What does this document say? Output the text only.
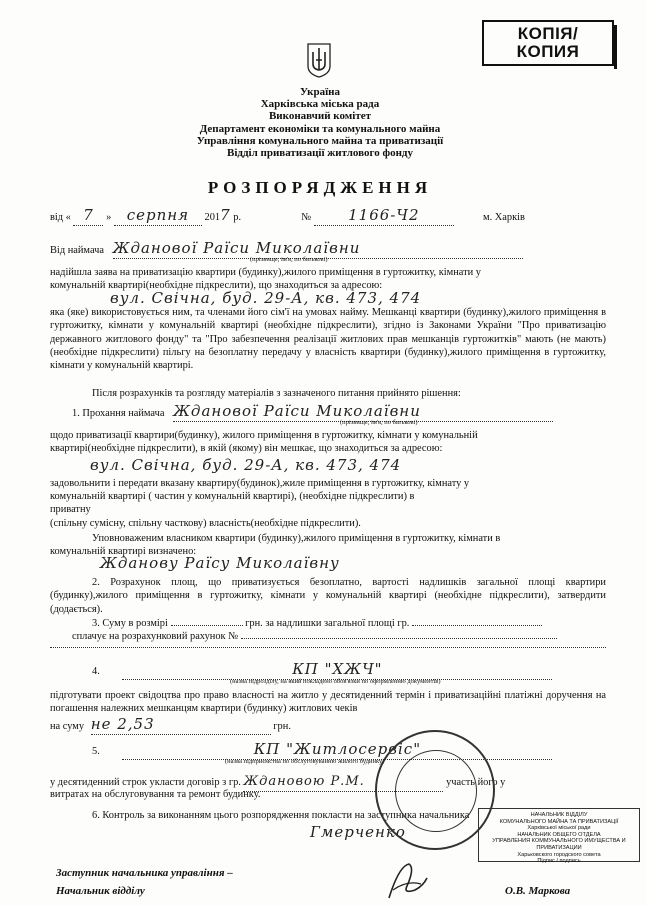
КОПІЯ/
КОПИЯ
Україна
Харківська міська рада
Виконавчий комітет
Департамент економіки та комунального майна
Управління комунального майна та приватизації
Відділ приватизації житлового фонду
РОЗПОРЯДЖЕННЯ
від « 7 » серпня 2017 р.	№ 1166-Ч2	м. Харків
Від наймача Жданової Раїси Миколаївни
(прізвище, ім'я, по батькові)
надійшла заява на приватизацію квартири (будинку),жилого приміщення в гуртожитку, кімнати у
комунальній квартирі(необхідне підкреслити), що знаходиться за адресою:
вул. Свічна, буд. 29-А, кв. 473, 474
яка (яке) використовується ним, та членами його сім'ї на умовах найму. Мешканці квартири (будинку),жилого приміщення в гуртожитку, кімнати у комунальній квартирі (необхідне підкреслити), згідно із Законами України "Про приватизацію державного житлового фонду" та "Про забезпечення реалізації житлових прав мешканців гуртожитків" мають (не мають) (необхідне підкреслити) пільгу на безоплатну передачу у власність квартири (будинку),жилого приміщення в гуртожитку, кімнати у комунальній квартирі.
Після розрахунків та розгляду матеріалів з зазначеного питання прийнято рішення:
1. Прохання наймача Жданової Раїси Миколаївни
(прізвище, ім'я, по батькові)
щодо приватизації квартири(будинку), жилого приміщення в гуртожитку, кімнати у комунальній
квартирі(необхідне підкреслити), в якій (якому) він мешкає, що знаходиться за адресою:
вул. Свічна, буд. 29-А, кв. 473, 474
задовольнити і передати вказану квартиру(будинок),жиле приміщення в гуртожитку, кімнату у
комунальній квартирі ( частин у комунальній квартирі), (необхідне підкреслити) в
приватну
(спільну сумісну, спільну часткову) власність(необхідне підкреслити).
Уповноваженим власником квартири (будинку),жилого приміщення в гуртожитку, кімнати в
комунальній квартирі визначено:
Жданову Раїсу Миколаївну
2. Розрахунок площ, що приватизується безоплатно, вартості надлишків загальної площі квартири (будинку),жилого приміщення в гуртожитку, кімнати у комунальній квартирі (необхідне підкреслити), затвердити (додається).
3. Суму в розмірі	грн. за надлишки загальної площі гр.
сплачує на розрахунковий рахунок №
4.	КП "ХЖЧ"
(назва підрозділу, на який покладено обов'язки по оформленню документів)
підготувати проект свідоцтва про право власності на житло у десятиденний термін і приватизаційні платіжні доручення на погашення належних мешканцям квартири (будинку) житлових чеків
на суму не 2,53	грн.
5.	КП "Житлосервіс"
(назва підприємства по обслуговуванню жилого будинку)
у десятиденний строк укласти договір з гр. Ждановою Р.М.	участь його у
витратах на обслуговування та ремонт будинку.
6. Контроль за виконанням цього розпорядження покласти на заступника начальника
Гмерченко
НАЧАЛЬНИК ВІДДІЛУ
КОМУНАЛЬНОГО МАЙНА ТА ПРИВАТИЗАЦІЇ
Харківської міської ради
НАЧАЛЬНИК ОБЩЕГО ОТДЕЛА
УПРАВЛЕНИЯ КОММУНАЛЬНОГО ИМУЩЕСТВА И ПРИВАТИЗАЦИИ
Харьковского городского совета
Підпис / подпись
Заступник начальника управління –
Начальник відділу	О.В. Маркова
